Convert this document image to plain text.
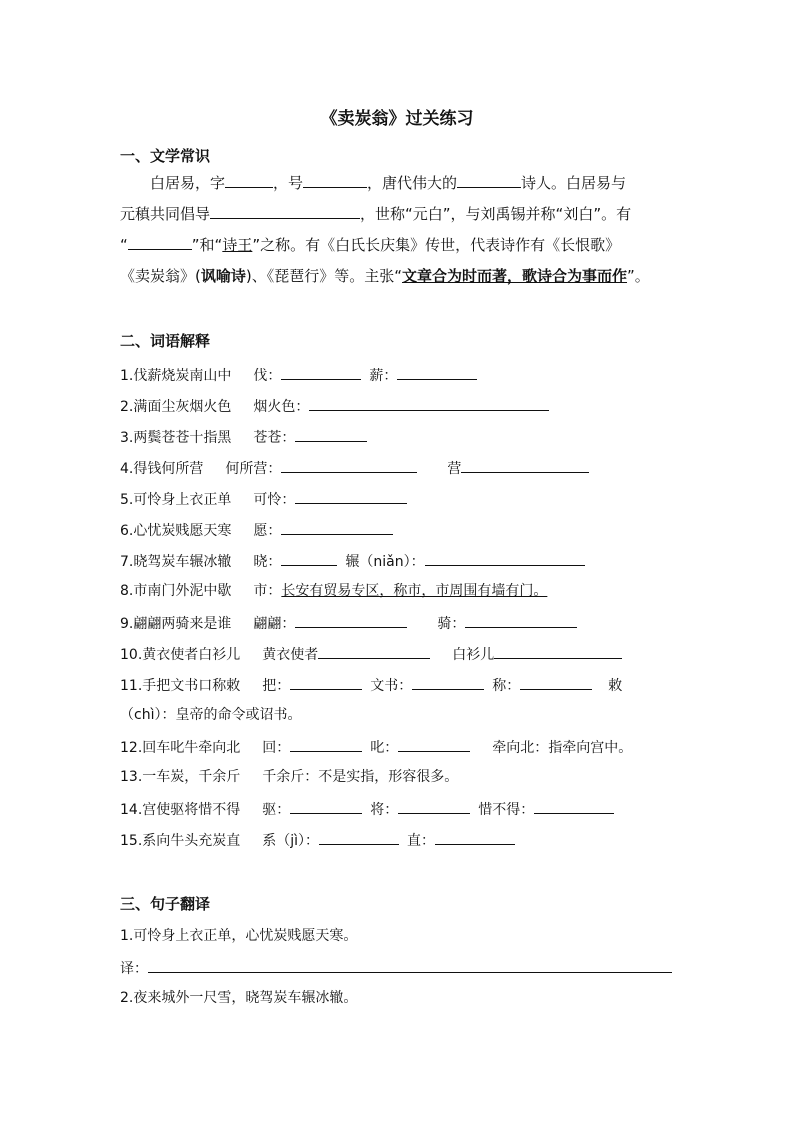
《卖炭翁》过关练习
一、文学常识
白居易，字	，号	，唐代伟大的	诗人。白居易与
元稹共同倡导	，世称“元白”，与刘禹锡并称“刘白”。有
“	”和“诗王”之称。有《白氏长庆集》传世，代表诗作有《长恨歌》
《卖炭翁》(讽喻诗)、《琵琶行》等。主张“文章合为时而著，歌诗合为事而作”。
二、词语解释
1.伐薪烧炭南山中 伐：	薪：
2.满面尘灰烟火色 烟火色：
3.两鬓苍苍十指黑 苍苍：
4.得钱何所营 何所营：	营
5.可怜身上衣正单 可怜：
6.心忧炭贱愿天寒 愿：
7.晓驾炭车辗冰辙 晓：	辗（niǎn）：
8.市南门外泥中歇 市：长安有贸易专区，称市，市周围有墙有门。
9.翩翩两骑来是谁 翩翩：	骑：
10.黄衣使者白衫儿 黄衣使者	白衫儿
11.手把文书口称敕 把：	文书：	称：	敕
（chì）：皇帝的命令或诏书。
12.回车叱牛牵向北 回：	叱：	牵向北：指牵向宫中。
13.一车炭，千余斤 千余斤：不是实指，形容很多。
14.宫使驱将惜不得 驱：	将：	惜不得：
15.系向牛头充炭直 系（jì）：	直：
三、句子翻译
1.可怜身上衣正单，心忧炭贱愿天寒。
译：
2.夜来城外一尺雪，晓驾炭车辗冰辙。
